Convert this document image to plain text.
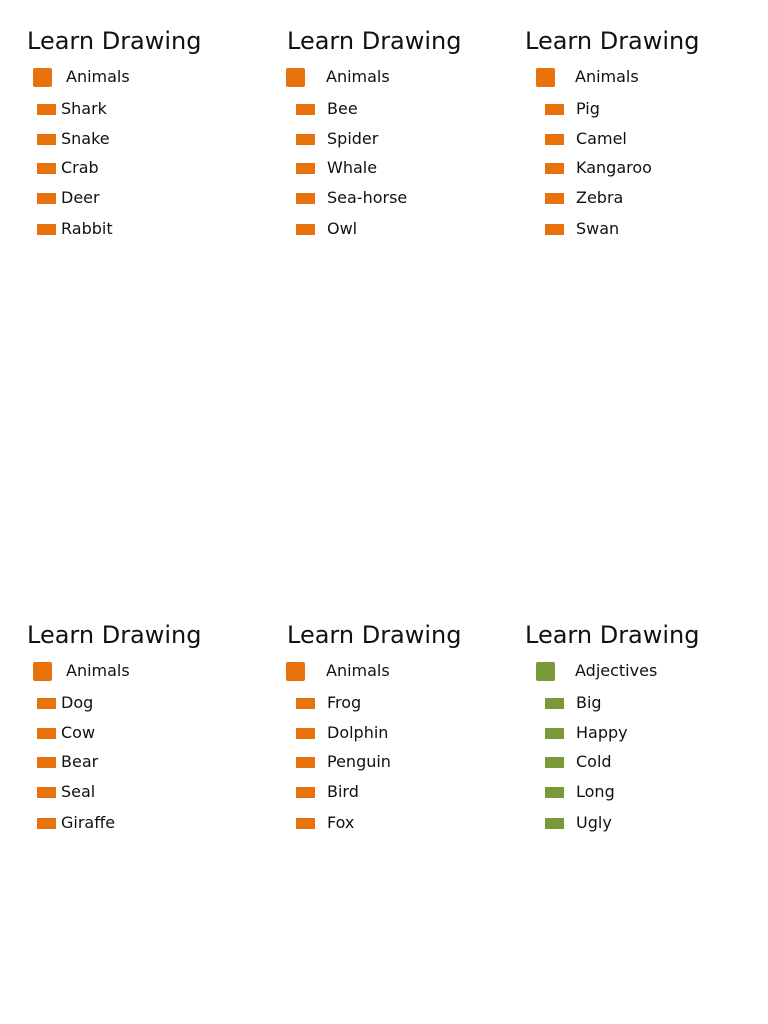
Learn Drawing
Animals
Shark
Snake
Crab
Deer
Rabbit
Learn Drawing
Animals
Bee
Spider
Whale
Sea-horse
Owl
Learn Drawing
Animals
Pig
Camel
Kangaroo
Zebra
Swan
Learn Drawing
Animals
Dog
Cow
Bear
Seal
Giraffe
Learn Drawing
Animals
Frog
Dolphin
Penguin
Bird
Fox
Learn Drawing
Adjectives
Big
Happy
Cold
Long
Ugly
